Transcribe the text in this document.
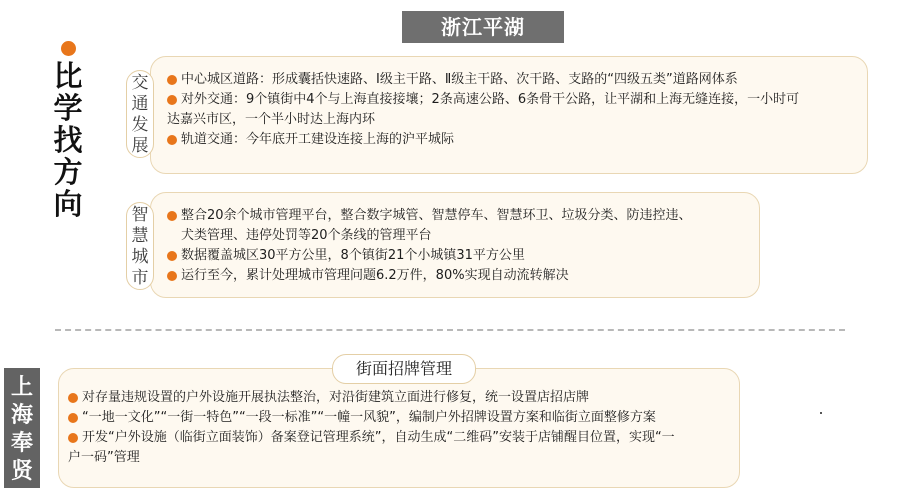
浙江平湖
比
学
找
方
向
交
通
发
展
中心城区道路：形成囊括快速路、Ⅰ级主干路、Ⅱ级主干路、次干路、支路的“四级五类”道路网体系
对外交通：9个镇街中4个与上海直接接壤；2条高速公路、6条骨干公路，让平湖和上海无缝连接，一小时可
达嘉兴市区，一个半小时达上海内环
轨道交通：今年底开工建设连接上海的沪平城际
智
慧
城
市
整合20余个城市管理平台，整合数字城管、智慧停车、智慧环卫、垃圾分类、防违控违、
犬类管理、违停处罚等20个条线的管理平台
数据覆盖城区30平方公里，8个镇街21个小城镇31平方公里
运行至今，累计处理城市管理问题6.2万件，80%实现自动流转解决
上
海
奉
贤
街面招牌管理
对存量违规设置的户外设施开展执法整治，对沿街建筑立面进行修复，统一设置店招店牌
“一地一文化”“一街一特色”“一段一标准”“一幢一风貌”，编制户外招牌设置方案和临街立面整修方案
开发“户外设施（临街立面装饰）备案登记管理系统”，自动生成“二维码”安装于店铺醒目位置，实现“一
户一码”管理
